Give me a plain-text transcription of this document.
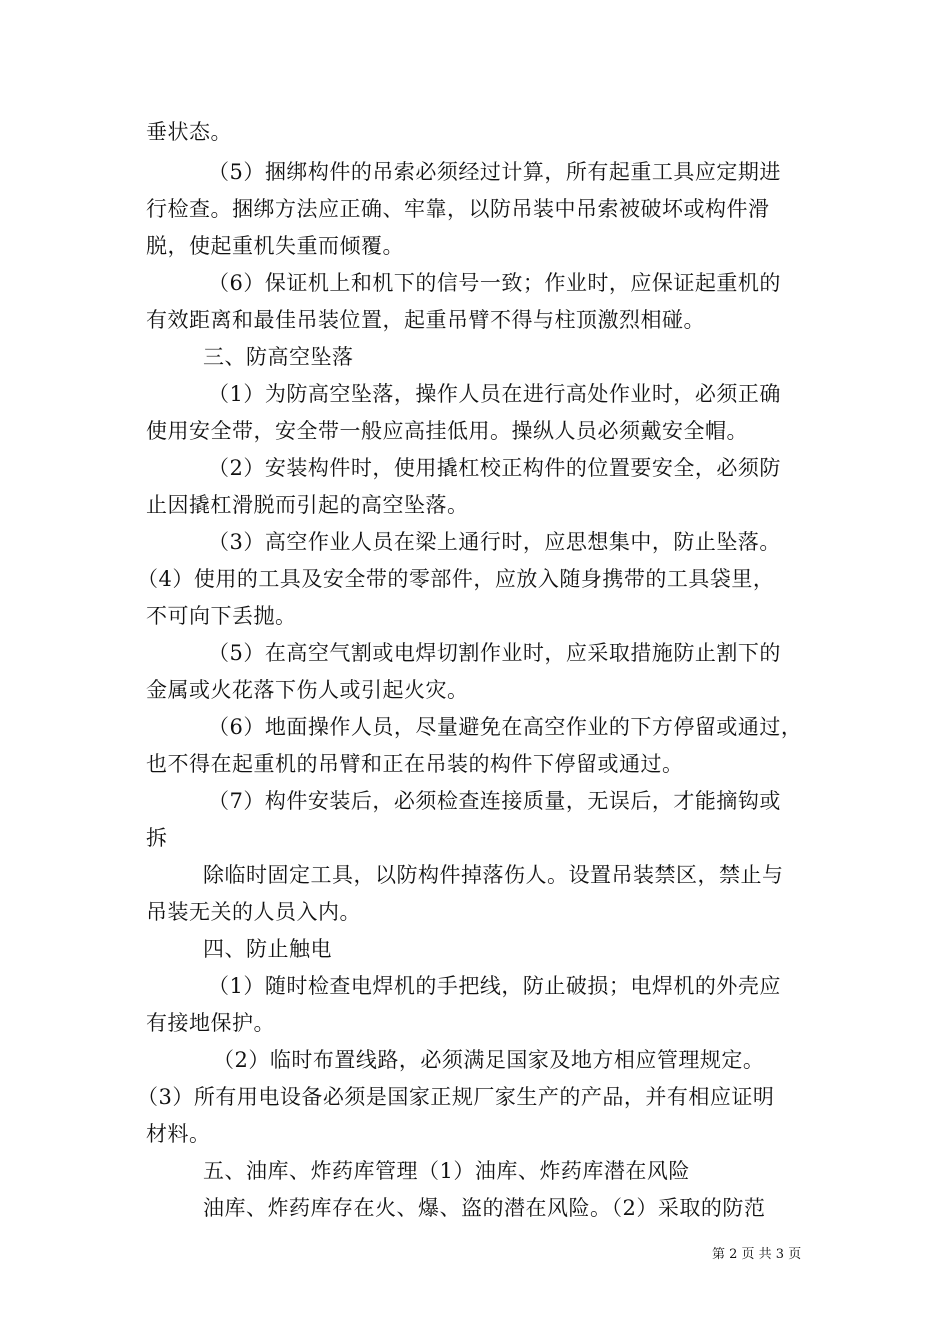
垂状态。
（5）捆绑构件的吊索必须经过计算，所有起重工具应定期进
行检查。捆绑方法应正确、牢靠，以防吊装中吊索被破坏或构件滑
脱，使起重机失重而倾覆。
（6）保证机上和机下的信号一致；作业时，应保证起重机的
有效距离和最佳吊装位置，起重吊臂不得与柱顶激烈相碰。
三、防高空坠落
（1）为防高空坠落，操作人员在进行高处作业时，必须正确
使用安全带，安全带一般应高挂低用。操纵人员必须戴安全帽。
（2）安装构件时，使用撬杠校正构件的位置要安全，必须防
止因撬杠滑脱而引起的高空坠落。
（3）高空作业人员在梁上通行时，应思想集中，防止坠落。
（4）使用的工具及安全带的零部件，应放入随身携带的工具袋里，
不可向下丢抛。
（5）在高空气割或电焊切割作业时，应采取措施防止割下的
金属或火花落下伤人或引起火灾。
（6）地面操作人员，尽量避免在高空作业的下方停留或通过，
也不得在起重机的吊臂和正在吊装的构件下停留或通过。
（7）构件安装后，必须检查连接质量，无误后，才能摘钩或
拆
除临时固定工具，以防构件掉落伤人。设置吊装禁区，禁止与
吊装无关的人员入内。
四、防止触电
（1）随时检查电焊机的手把线，防止破损；电焊机的外壳应
有接地保护。
（2）临时布置线路，必须满足国家及地方相应管理规定。
（3）所有用电设备必须是国家正规厂家生产的产品，并有相应证明
材料。
五、油库、炸药库管理（1）油库、炸药库潜在风险
油库、炸药库存在火、爆、盗的潜在风险。（2）采取的防范
第 2 页 共 3 页
